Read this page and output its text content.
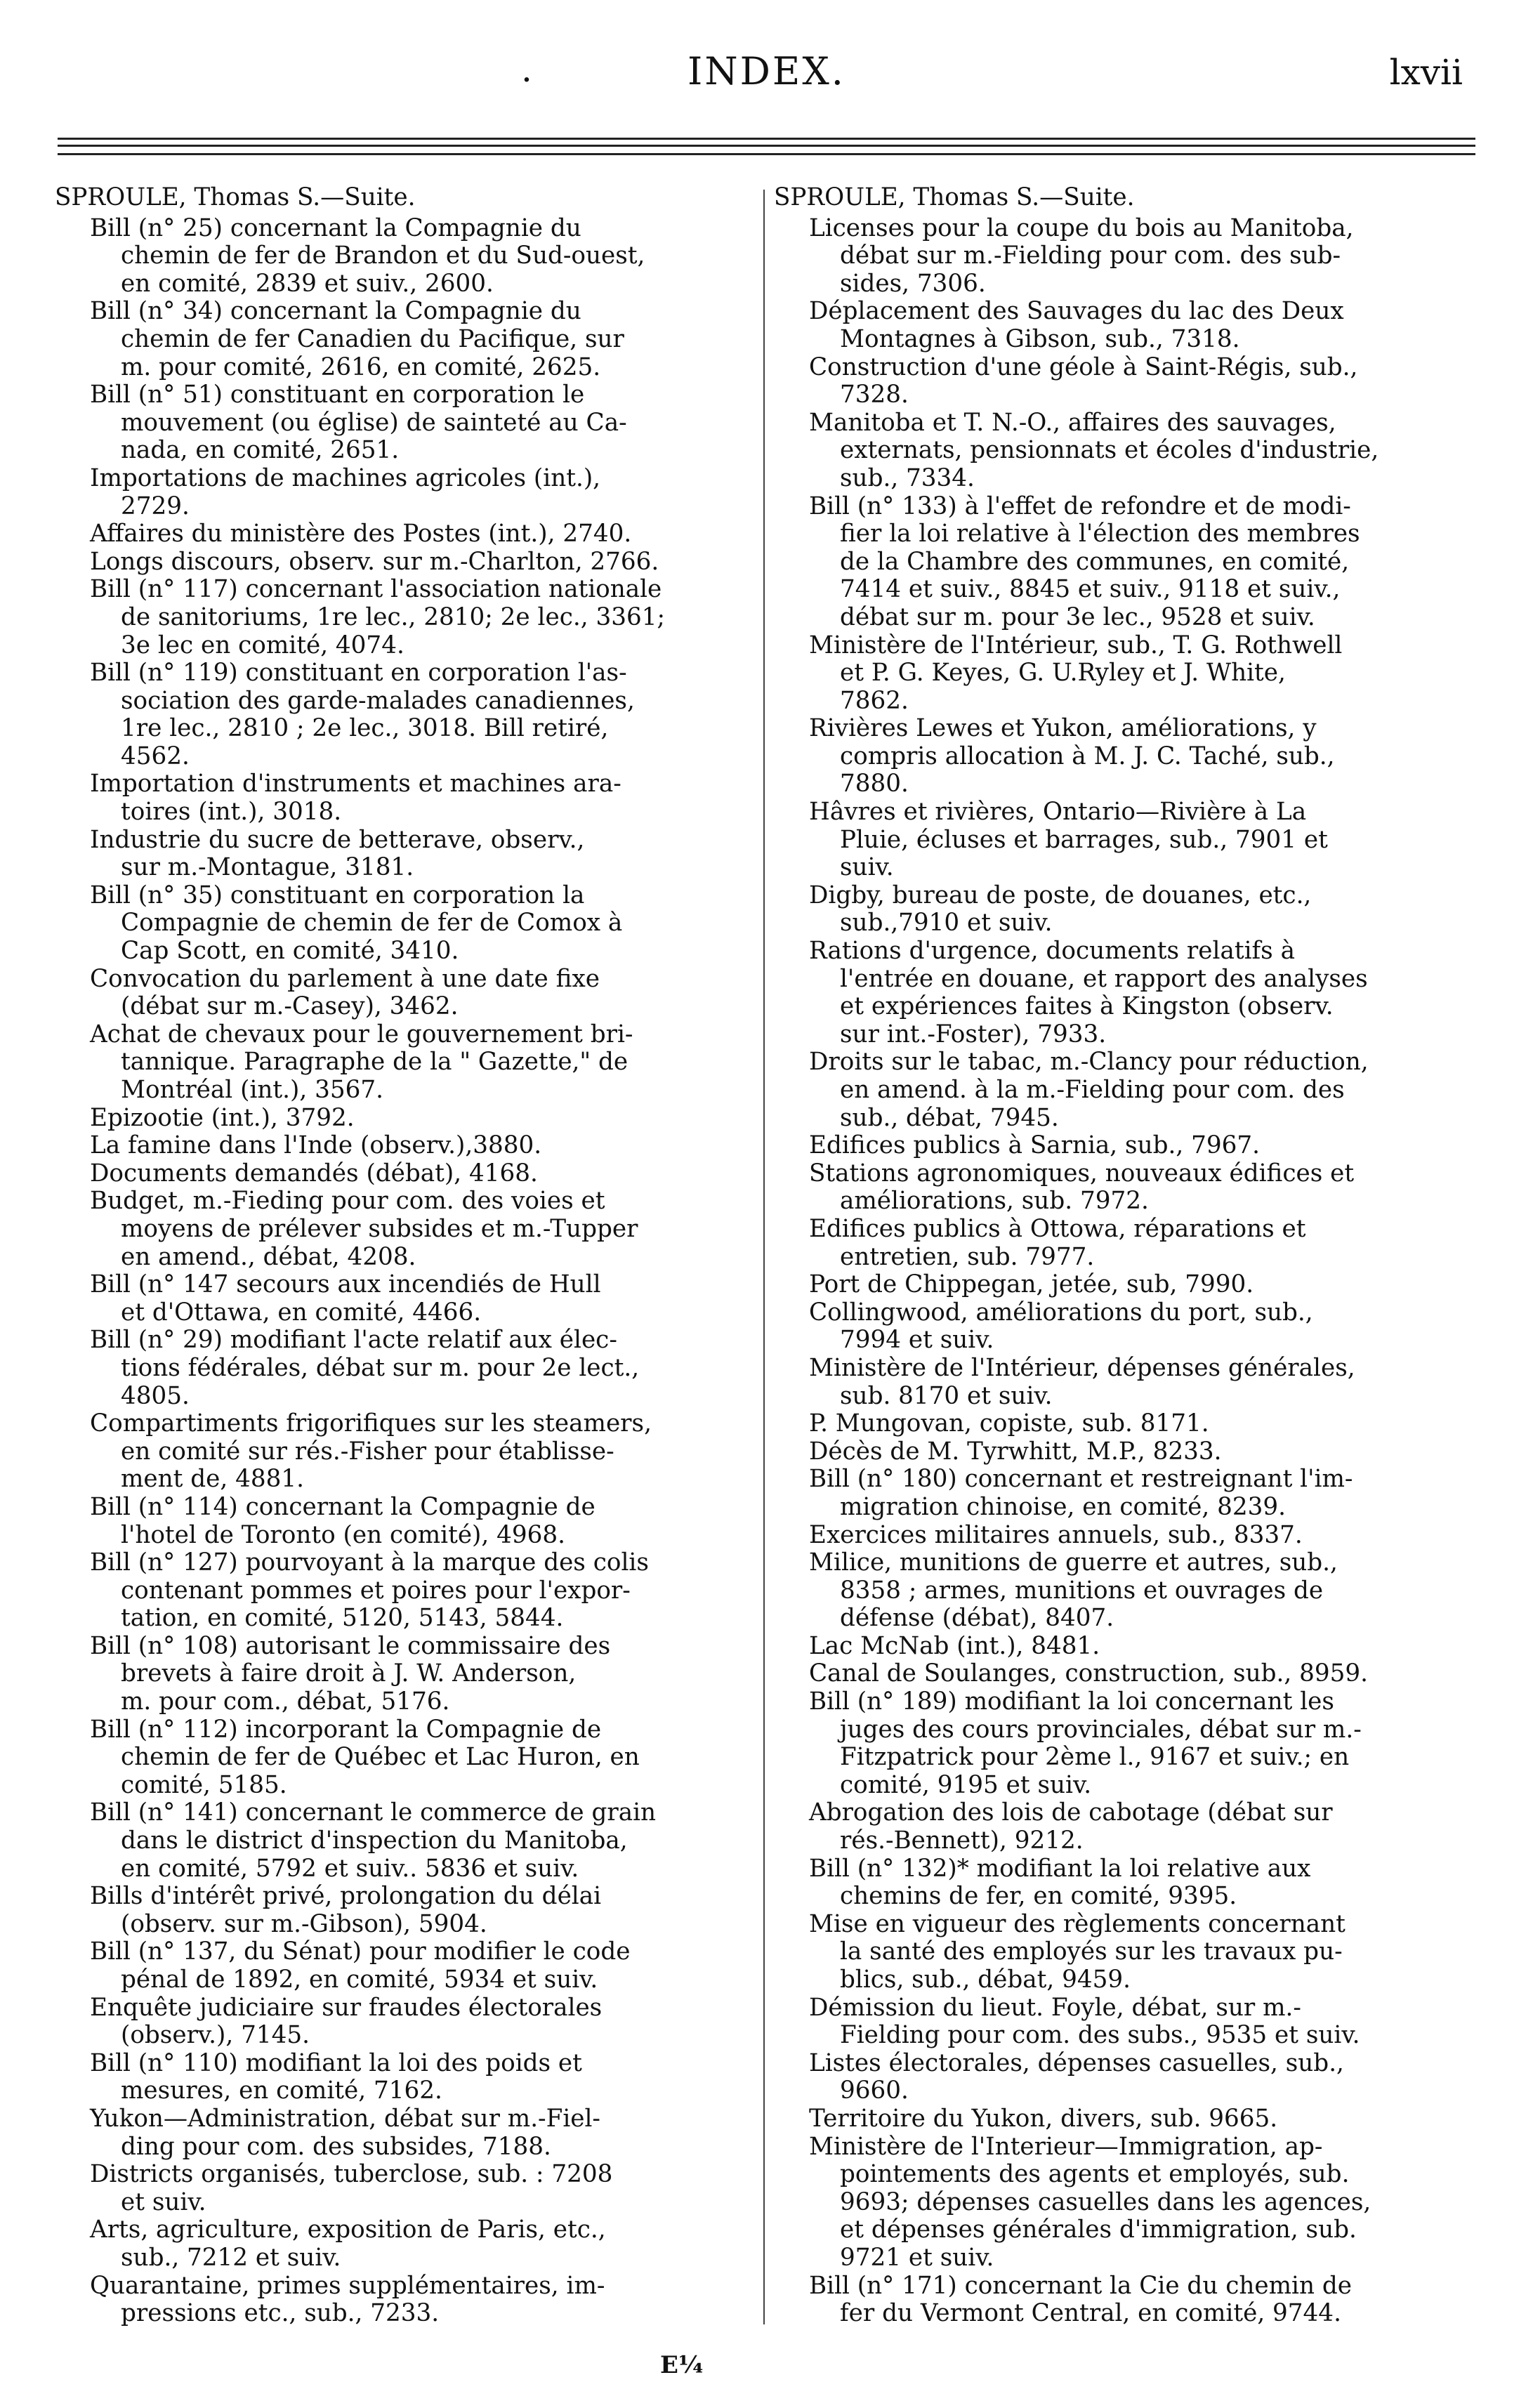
.	INDEX.	lxvii
SPROULE, Thomas S.—Suite.
Bill (n° 25) concernant la Compagnie du
chemin de fer de Brandon et du Sud-ouest,
en comité, 2839 et suiv., 2600.
Bill (n° 34) concernant la Compagnie du
chemin de fer Canadien du Pacifique, sur
m. pour comité, 2616, en comité, 2625.
Bill (n° 51) constituant en corporation le
mouvement (ou église) de sainteté au Ca-
nada, en comité, 2651.
Importations de machines agricoles (int.),
2729.
Affaires du ministère des Postes (int.), 2740.
Longs discours, observ. sur m.-Charlton, 2766.
Bill (n° 117) concernant l'association nationale
de sanitoriums, 1re lec., 2810; 2e lec., 3361;
3e lec en comité, 4074.
Bill (n° 119) constituant en corporation l'as-
sociation des garde-malades canadiennes,
1re lec., 2810 ; 2e lec., 3018. Bill retiré,
4562.
Importation d'instruments et machines ara-
toires (int.), 3018.
Industrie du sucre de betterave, observ.,
sur m.-Montague, 3181.
Bill (n° 35) constituant en corporation la
Compagnie de chemin de fer de Comox à
Cap Scott, en comité, 3410.
Convocation du parlement à une date fixe
(débat sur m.-Casey), 3462.
Achat de chevaux pour le gouvernement bri-
tannique. Paragraphe de la " Gazette," de
Montréal (int.), 3567.
Epizootie (int.), 3792.
La famine dans l'Inde (observ.),3880.
Documents demandés (débat), 4168.
Budget, m.-Fieding pour com. des voies et
moyens de prélever subsides et m.-Tupper
en amend., débat, 4208.
Bill (n° 147 secours aux incendiés de Hull
et d'Ottawa, en comité, 4466.
Bill (n° 29) modifiant l'acte relatif aux élec-
tions fédérales, débat sur m. pour 2e lect.,
4805.
Compartiments frigorifiques sur les steamers,
en comité sur rés.-Fisher pour établisse-
ment de, 4881.
Bill (n° 114) concernant la Compagnie de
l'hotel de Toronto (en comité), 4968.
Bill (n° 127) pourvoyant à la marque des colis
contenant pommes et poires pour l'expor-
tation, en comité, 5120, 5143, 5844.
Bill (n° 108) autorisant le commissaire des
brevets à faire droit à J. W. Anderson,
m. pour com., débat, 5176.
Bill (n° 112) incorporant la Compagnie de
chemin de fer de Québec et Lac Huron, en
comité, 5185.
Bill (n° 141) concernant le commerce de grain
dans le district d'inspection du Manitoba,
en comité, 5792 et suiv.. 5836 et suiv.
Bills d'intérêt privé, prolongation du délai
(observ. sur m.-Gibson), 5904.
Bill (n° 137, du Sénat) pour modifier le code
pénal de 1892, en comité, 5934 et suiv.
Enquête judiciaire sur fraudes électorales
(observ.), 7145.
Bill (n° 110) modifiant la loi des poids et
mesures, en comité, 7162.
Yukon—Administration, débat sur m.-Fiel-
ding pour com. des subsides, 7188.
Districts organisés, tuberclose, sub. : 7208
et suiv.
Arts, agriculture, exposition de Paris, etc.,
sub., 7212 et suiv.
Quarantaine, primes supplémentaires, im-
pressions etc., sub., 7233.
SPROULE, Thomas S.—Suite.
Licenses pour la coupe du bois au Manitoba,
débat sur m.-Fielding pour com. des sub-
sides, 7306.
Déplacement des Sauvages du lac des Deux
Montagnes à Gibson, sub., 7318.
Construction d'une géole à Saint-Régis, sub.,
7328.
Manitoba et T. N.-O., affaires des sauvages,
externats, pensionnats et écoles d'industrie,
sub., 7334.
Bill (n° 133) à l'effet de refondre et de modi-
fier la loi relative à l'élection des membres
de la Chambre des communes, en comité,
7414 et suiv., 8845 et suiv., 9118 et suiv.,
débat sur m. pour 3e lec., 9528 et suiv.
Ministère de l'Intérieur, sub., T. G. Rothwell
et P. G. Keyes, G. U.Ryley et J. White,
7862.
Rivières Lewes et Yukon, améliorations, y
compris allocation à M. J. C. Taché, sub.,
7880.
Hâvres et rivières, Ontario—Rivière à La
Pluie, écluses et barrages, sub., 7901 et
suiv.
Digby, bureau de poste, de douanes, etc.,
sub.,7910 et suiv.
Rations d'urgence, documents relatifs à
l'entrée en douane, et rapport des analyses
et expériences faites à Kingston (observ.
sur int.-Foster), 7933.
Droits sur le tabac, m.-Clancy pour réduction,
en amend. à la m.-Fielding pour com. des
sub., débat, 7945.
Edifices publics à Sarnia, sub., 7967.
Stations agronomiques, nouveaux édifices et
améliorations, sub. 7972.
Edifices publics à Ottowa, réparations et
entretien, sub. 7977.
Port de Chippegan, jetée, sub, 7990.
Collingwood, améliorations du port, sub.,
7994 et suiv.
Ministère de l'Intérieur, dépenses générales,
sub. 8170 et suiv.
P. Mungovan, copiste, sub. 8171.
Décès de M. Tyrwhitt, M.P., 8233.
Bill (n° 180) concernant et restreignant l'im-
migration chinoise, en comité, 8239.
Exercices militaires annuels, sub., 8337.
Milice, munitions de guerre et autres, sub.,
8358 ; armes, munitions et ouvrages de
défense (débat), 8407.
Lac McNab (int.), 8481.
Canal de Soulanges, construction, sub., 8959.
Bill (n° 189) modifiant la loi concernant les
juges des cours provinciales, débat sur m.-
Fitzpatrick pour 2ème l., 9167 et suiv.; en
comité, 9195 et suiv.
Abrogation des lois de cabotage (débat sur
rés.-Bennett), 9212.
Bill (n° 132)* modifiant la loi relative aux
chemins de fer, en comité, 9395.
Mise en vigueur des règlements concernant
la santé des employés sur les travaux pu-
blics, sub., débat, 9459.
Démission du lieut. Foyle, débat, sur m.-
Fielding pour com. des subs., 9535 et suiv.
Listes électorales, dépenses casuelles, sub.,
9660.
Territoire du Yukon, divers, sub. 9665.
Ministère de l'Interieur—Immigration, ap-
pointements des agents et employés, sub.
9693; dépenses casuelles dans les agences,
et dépenses générales d'immigration, sub.
9721 et suiv.
Bill (n° 171) concernant la Cie du chemin de
fer du Vermont Central, en comité, 9744.
E¼
